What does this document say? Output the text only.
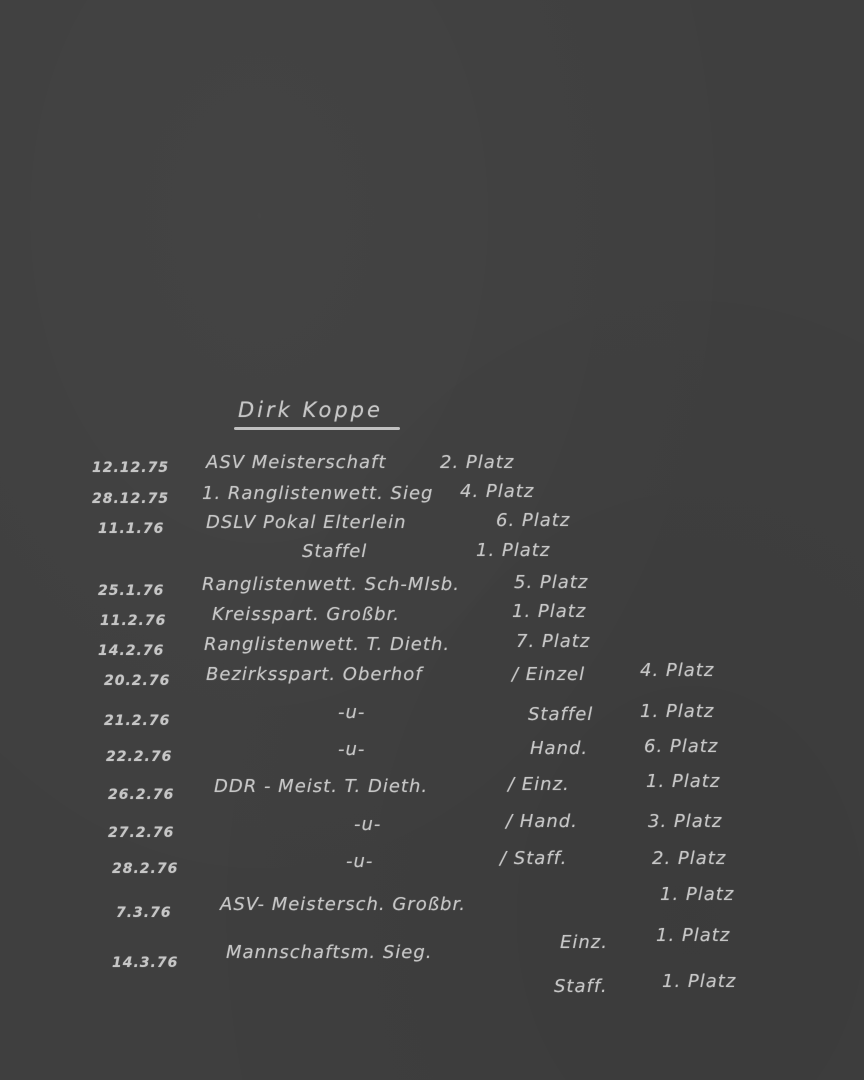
Dirk Koppe
12.12.75 ASV Meisterschaft	2. Platz
28.12.75 1. Ranglistenwett. Sieg 4. Platz
11.1.76 DSLV Pokal Elterlein	6. Platz
Staffel	1. Platz
25.1.76 Ranglistenwett. Sch-Mlsb.	5. Platz
11.2.76	Kreisspart. Großbr.	1. Platz
14.2.76 Ranglistenwett. T. Dieth.	7. Platz
20.2.76 Bezirksspart. Oberhof	/ Einzel	4. Platz
21.2.76	-u-	Staffel	1. Platz
22.2.76	-u-	Hand.	6. Platz
26.2.76 DDR - Meist. T. Dieth.	/ Einz.	1. Platz
27.2.76	-u-	/ Hand.	3. Platz
28.2.76	-u-	/ Staff.	2. Platz
7.3.76	ASV- Meistersch. Großbr.	1. Platz
14.3.76	Mannschaftsm. Sieg.	Einz.	1. Platz
Staff.	1. Platz
